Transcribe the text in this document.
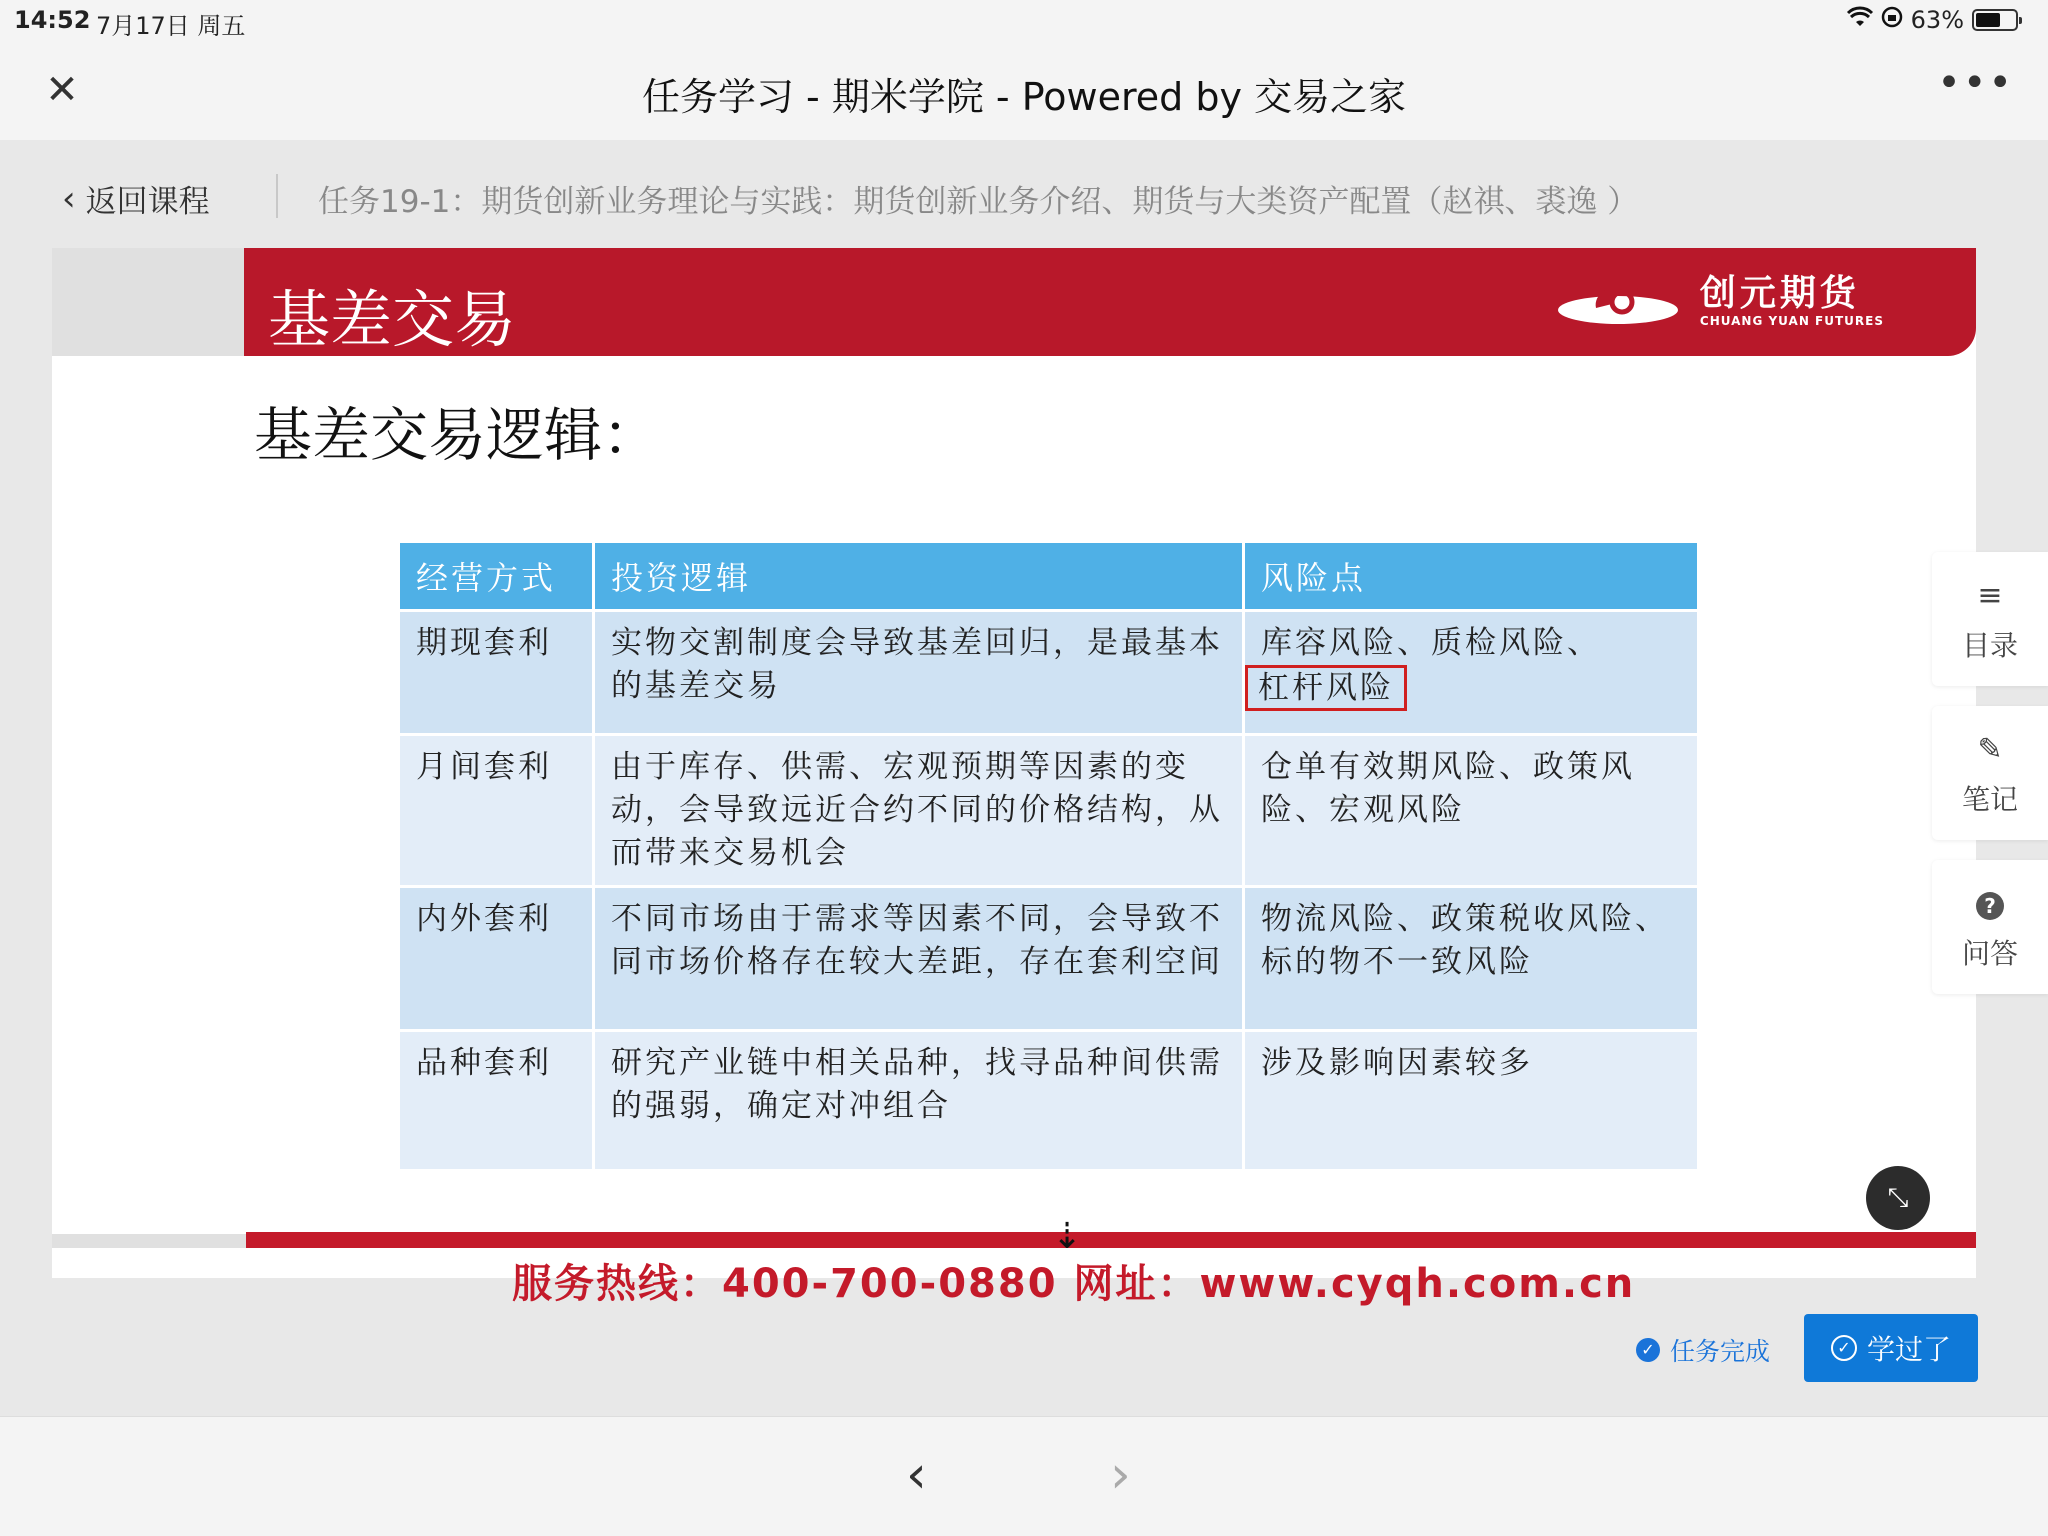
14:52 7月17日 周五	63%
✕	任务学习 - 期米学院 - Powered by 交易之家	•••
‹ 返回课程	任务19-1：期货创新业务理论与实践：期货创新业务介绍、期货与大类资产配置（赵祺、裘逸 ）
基差交易	创元期货
CHUANG YUAN FUTURES
基差交易逻辑：
经营方式	投资逻辑	风险点
期现套利	实物交割制度会导致基差回归，是最基本的基差交易	库容风险、质检风险、
杠杆风险
月间套利	由于库存、供需、宏观预期等因素的变动，会导致远近合约不同的价格结构，从而带来交易机会	仓单有效期风险、政策风险、宏观风险
内外套利	不同市场由于需求等因素不同，会导致不同市场价格存在较大差距，存在套利空间	物流风险、政策税收风险、标的物不一致风险
品种套利	研究产业链中相关品种，找寻品种间供需的强弱，确定对冲组合	涉及影响因素较多
⤡
服务热线：400-700-0880 网址：www.cyqh.com.cn
⇣
≡
目录
✎
笔记
?
问答
✓ 任务完成	✓ 学过了
‹	›
